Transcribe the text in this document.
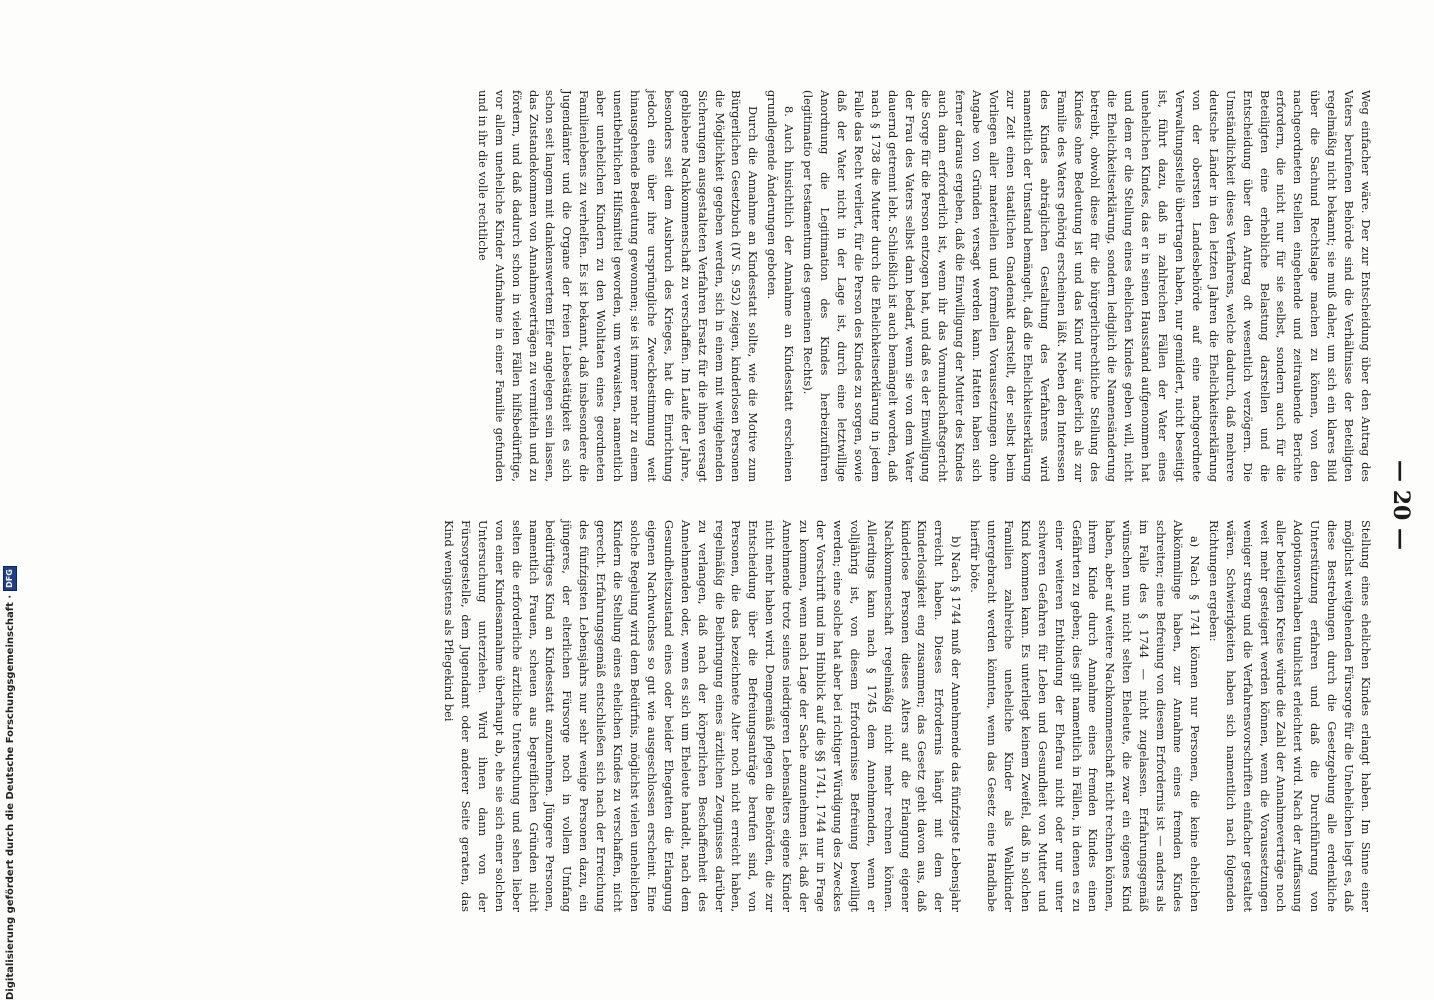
— 20 —

Weg einfacher wäre. Der zur Entscheidung über den Antrag des Vaters berufenen Behörde sind die Verhältnisse der Beteiligten regelmäßig nicht bekannt; sie muß daher, um sich ein klares Bild über die Sachund Rechtslage machen zu können, von den nachgeordneten Stellen eingehende und zeitraubende Berichte erfordern, die nicht nur für sie selbst, sondern auch für die Beteiligten eine erhebliche Belastung darstellen und die Entscheidung über den Antrag oft wesentlich verzögern. Die Umständlichkeit dieses Verfahrens, welche dadurch, daß mehrere deutsche Länder in den letzten Jahren die Ehelichkeitserklärung von der obersten Landesbehörde auf eine nachgeordnete Verwaltungsstelle übertragen haben, nur gemildert, nicht beseitigt ist, führt dazu, daß in zahlreichen Fällen der Vater eines unehelichen Kindes, das er in seinen Hausstand aufgenommen hat und dem er die Stellung eines ehelichen Kindes geben will, nicht die Ehelichkeitserklärung, sondern lediglich die Namensänderung betreibt, obwohl diese für die bürgerlichrechtliche Stellung des Kindes ohne Bedeutung ist und das Kind nur äußerlich als zur Familie des Vaters gehörig erscheinen läßt. Neben den Interessen des Kindes abträglichen Gestaltung des Verfahrens wird namentlich der Umstand bemängelt, daß die Ehelichkeitserklärung zur Zeit einen staatlichen Gnadenakt darstellt, der selbst beim Vorliegen aller materiellen und formellen Voraussetzungen ohne Angabe von Gründen versagt werden kann. Hatten haben sich ferner daraus ergeben, daß die Einwilligung der Mutter des Kindes auch dann erforderlich ist, wenn ihr das Vormundschaftsgericht die Sorge für die Person entzogen hat, und daß es der Einwilligung der Frau des Vaters selbst dann bedarf, wenn sie von dem Vater dauernd getrennt lebt. Schließlich ist auch bemängelt worden, daß nach § 1738 die Mutter durch die Ehelichkeitserklärung in jedem Falle das Recht verliert, für die Person des Kindes zu sorgen, sowie daß der Vater nicht in der Lage ist, durch eine letztwillige Anordnung die Legitimation des Kindes herbeizuführen (legitimatio per testamentum des gemeinen Rechts).

8. Auch hinsichtlich der Annahme an Kindesstatt erscheinen grundlegende Änderungen geboten.

Durch die Annahme an Kindesstatt sollte, wie die Motive zum Bürgerlichen Gesetzbuch (IV S. 952) zeigen, kinderlosen Personen die Möglichkeit gegeben werden, sich in einem mit weitgehenden Sicherungen ausgestalteten Verfahren Ersatz für die ihnen versagt gebliebene Nachkommenschaft zu verschaffen. Im Laufe der Jahre, besonders seit dem Ausbruch des Krieges, hat die Einrichtung jedoch eine über ihre ursprüngliche Zweckbestimmung weit hinausgehende Bedeutung gewonnen; sie ist immer mehr zu einem unentbehrlichen Hilfsmittel geworden, um verwaisten, namentlich aber unehelichen Kindern zu den Wohltaten eines geordneten Familienlebens zu verhelfen. Es ist bekannt, daß insbesondere die Jugendämter und die Organe der freien Liebestätigkeit es sich schon seit langem mit dankenswertem Eifer angelegen sein lassen, das Zustandekommen von Annahmeverträgen zu vermitteln und zu fördern, und daß dadurch schon in vielen Fällen hilfsbedürftige, vor allem uneheliche Kinder Aufnahme in einer Familie gefunden und in ihr die volle rechtliche

Stellung eines ehelichen Kindes erlangt haben. Im Sinne einer möglichst weitgehenden Fürsorge für die Unehelichen liegt es, daß diese Bestrebungen durch die Gesetzgebung alle erdenkliche Unterstützung erfahren und daß die Durchführung von Adoptionsvorhaben tunlichst erleichtert wird. Nach der Auffassung aller beteiligten Kreise würde die Zahl der Annahmeverträge noch weit mehr gesteigert werden können, wenn die Voraussetzungen weniger streng und die Verfahrensvorschriften einfacher gestaltet wären. Schwierigkeiten haben sich namentlich nach folgenden Richtungen ergeben:

a) Nach § 1741 können nur Personen, die keine ehelichen Abkömmlinge haben, zur Annahme eines fremden Kindes schreiten; eine Befreiung von diesem Erfordernis ist — anders als im Falle des § 1744 — nicht zugelassen. Erfahrungsgemäß wünschen nun nicht selten Eheleute, die zwar ein eigenes Kind haben, aber auf weitere Nachkommenschaft nicht rechnen können, ihrem Kinde durch Annahme eines fremden Kindes einen Gefährten zu geben; dies gilt namentlich in Fällen, in denen es zu einer weiteren Entbindung der Ehefrau nicht oder nur unter schweren Gefahren für Leben und Gesundheit von Mutter und Kind kommen kann. Es unterliegt keinem Zweifel, daß in solchen Familien zahlreiche uneheliche Kinder als Wahlkinder untergebracht werden könnten, wenn das Gesetz eine Handhabe hierfür böte.

b) Nach § 1744 muß der Annehmende das fünfzigste Lebensjahr erreicht haben. Dieses Erfordernis hängt mit dem der Kinderlosigkeit eng zusammen; das Gesetz geht davon aus, daß kinderlose Personen dieses Alters auf die Erlangung eigener Nachkommenschaft regelmäßig nicht mehr rechnen können. Allerdings kann nach § 1745 dem Annehmenden, wenn er volljährig ist, von diesem Erfordernisse Befreiung bewilligt werden; eine solche hat aber bei richtiger Würdigung des Zweckes der Vorschrift und im Hinblick auf die §§ 1741, 1744 nur in Frage zu kommen, wenn nach Lage der Sache anzunehmen ist, daß der Annehmende trotz seines niedrigeren Lebensalters eigene Kinder nicht mehr haben wird. Demgemäß pflegen die Behörden, die zur Entscheidung über die Befreiungsanträge berufen sind, von Personen, die das bezeichnete Alter noch nicht erreicht haben, regelmäßig die Beibringung eines ärztlichen Zeugnisses darüber zu verlangen, daß nach der körperlichen Beschaffenheit des Annehmenden oder, wenn es sich um Eheleute handelt, nach dem Gesundheitszustand eines oder beider Ehegatten die Erlangung eigenen Nachwuchses so gut wie ausgeschlossen erscheint. Eine solche Regelung wird dem Bedürfnis, möglichst vielen unehelichen Kindern die Stellung eines ehelichen Kindes zu verschaffen, nicht gerecht. Erfahrungsgemäß entschließen sich nach der Erreichung des fünfzigsten Lebensjahrs nur sehr wenige Personen dazu, ein jüngeres, der elterlichen Fürsorge noch in vollem Umfang bedürftiges Kind an Kindesstatt anzunehmen. Jüngere Personen, namentlich Frauen, scheuen aus begreiflichen Gründen nicht selten die erforderliche ärztliche Untersuchung und sehen lieber von einer Kindesannahme überhaupt ab, ehe sie sich einer solchen Untersuchung unterziehen. Wird ihnen dann von der Fürsorgestelle, dem Jugendamt oder anderer Seite geraten, das Kind wenigstens als Pflegekind bei

Digitalisierung gefördert durch die Deutsche Forschungsgemeinschaft ·
DFG
